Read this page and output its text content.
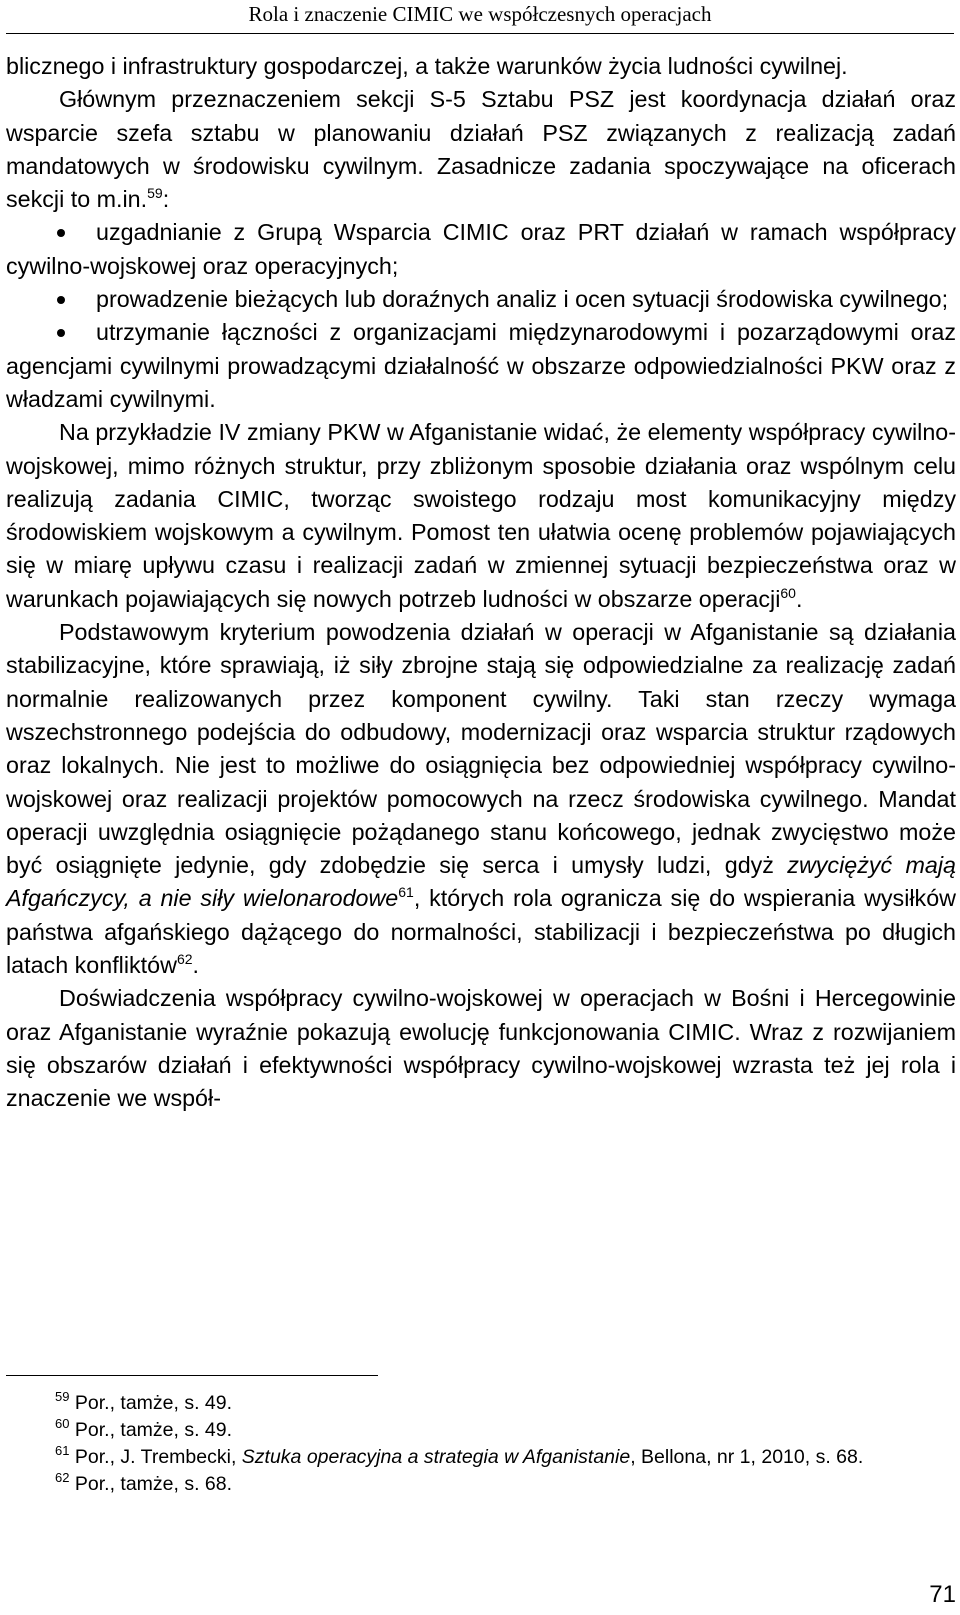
Rola i znaczenie CIMIC we współczesnych operacjach

blicznego i infrastruktury gospodarczej, a także warunków życia ludności cywilnej.

Głównym przeznaczeniem sekcji S-5 Sztabu PSZ jest koordynacja działań oraz wsparcie szefa sztabu w planowaniu działań PSZ związanych z realizacją zadań mandatowych w środowisku cywilnym. Zasadnicze zadania spoczywające na oficerach sekcji to m.in.$^{59}$:

uzgadnianie z Grupą Wsparcia CIMIC oraz PRT działań w ramach współpracy cywilno-wojskowej oraz operacyjnych;

prowadzenie bieżących lub doraźnych analiz i ocen sytuacji środowiska cywilnego;

utrzymanie łączności z organizacjami międzynarodowymi i pozarządowymi oraz agencjami cywilnymi prowadzącymi działalność w obszarze odpowiedzialności PKW oraz z władzami cywilnymi.

Na przykładzie IV zmiany PKW w Afganistanie widać, że elementy współpracy cywilno-wojskowej, mimo różnych struktur, przy zbliżonym sposobie działania oraz wspólnym celu realizują zadania CIMIC, tworząc swoistego rodzaju most komunikacyjny między środowiskiem wojskowym a cywilnym. Pomost ten ułatwia ocenę problemów pojawiających się w miarę upływu czasu i realizacji zadań w zmiennej sytuacji bezpieczeństwa oraz w warunkach pojawiających się nowych potrzeb ludności w obszarze operacji$^{60}$.

Podstawowym kryterium powodzenia działań w operacji w Afganistanie są działania stabilizacyjne, które sprawiają, iż siły zbrojne stają się odpowiedzialne za realizację zadań normalnie realizowanych przez komponent cywilny. Taki stan rzeczy wymaga wszechstronnego podejścia do odbudowy, modernizacji oraz wsparcia struktur rządowych oraz lokalnych. Nie jest to możliwe do osiągnięcia bez odpowiedniej współpracy cywilno-wojskowej oraz realizacji projektów pomocowych na rzecz środowiska cywilnego. Mandat operacji uwzględnia osiągnięcie pożądanego stanu końcowego, jednak zwycięstwo może być osiągnięte jedynie, gdy zdobędzie się serca i umysły ludzi, gdyż zwyciężyć mają Afgańczycy, a nie siły wielonarodowe$^{61}$, których rola ogranicza się do wspierania wysiłków państwa afgańskiego dążącego do normalności, stabilizacji i bezpieczeństwa po długich latach konfliktów$^{62}$.

Doświadczenia współpracy cywilno-wojskowej w operacjach w Bośni i Hercegowinie oraz Afganistanie wyraźnie pokazują ewolucję funkcjonowania CIMIC. Wraz z rozwijaniem się obszarów działań i efektywności współpracy cywilno-wojskowej wzrasta też jej rola i znaczenie we współ-

$^{59}$ Por., tamże, s. 49.

$^{60}$ Por., tamże, s. 49.

$^{61}$ Por., J. Trembecki, Sztuka operacyjna a strategia w Afganistanie, Bellona, nr 1, 2010, s. 68.

$^{62}$ Por., tamże, s. 68.

71
